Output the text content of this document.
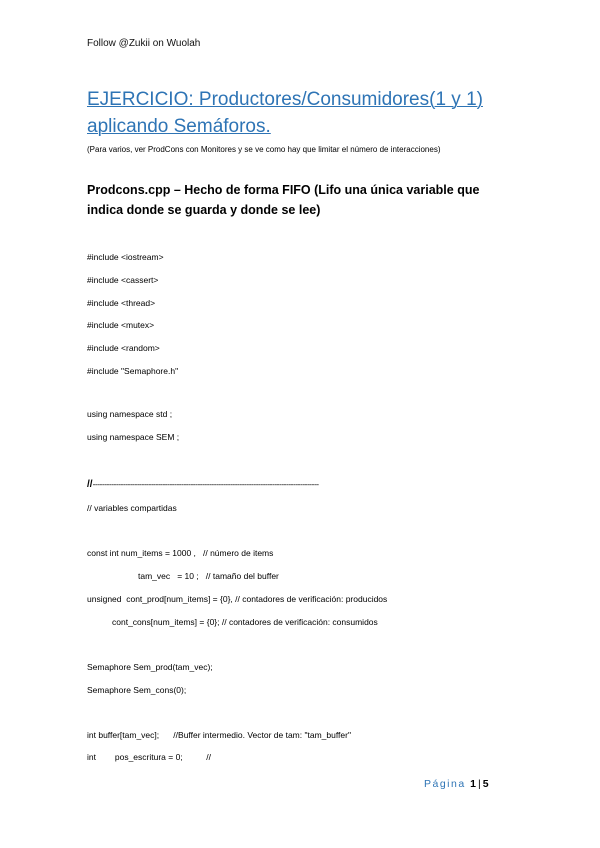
Follow @Zukii on Wuolah
EJERCICIO: Productores/Consumidores(1 y 1) aplicando Semáforos.
(Para varios, ver ProdCons con Monitores y se ve como hay que limitar el número de interacciones)
Prodcons.cpp – Hecho de forma FIFO (Lifo una única variable que indica donde se guarda y donde se lee)
#include <iostream>
#include <cassert>
#include <thread>
#include <mutex>
#include <random>
#include "Semaphore.h"
using namespace std ;
using namespace SEM ;
//-------------------------------------------------------------------------------------------------
// variables compartidas
const int num_items = 1000 ,   // número de items
tam_vec   = 10 ;   // tamaño del buffer
unsigned  cont_prod[num_items] = {0}, // contadores de verificación: producidos
cont_cons[num_items] = {0}; // contadores de verificación: consumidos
Semaphore Sem_prod(tam_vec);
Semaphore Sem_cons(0);
int buffer[tam_vec];      //Buffer intermedio. Vector de tam: "tam_buffer"
int        pos_escritura = 0;          //
Página 1 | 5
